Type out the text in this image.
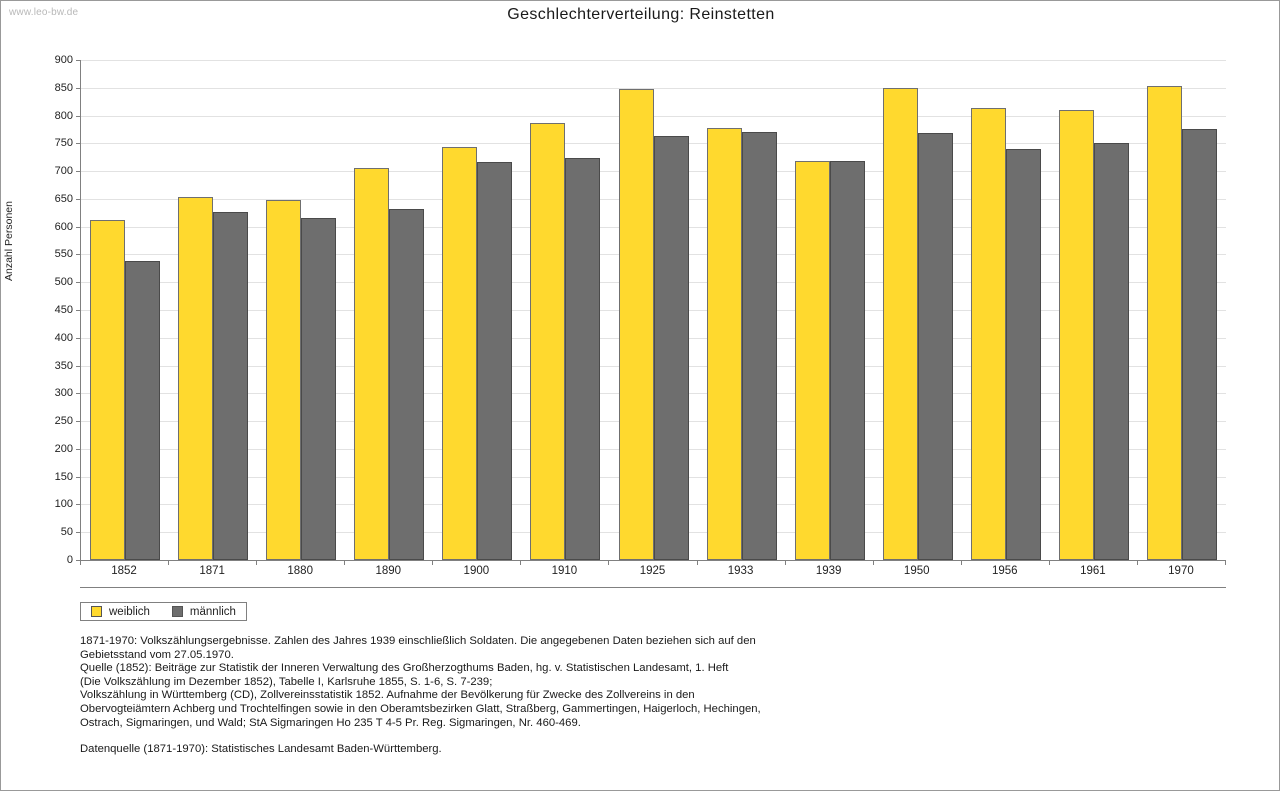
www.leo-bw.de	Geschlechterverteilung: Reinstetten
Anzahl Personen
0
50
100
150
200
250
300
350
400
450
500
550
600
650
700
750
800
850
900
1852	1871	1880	1890	1900	1910	1925	1933	1939	1950	1956	1961	1970
weiblich	männlich

1871-1970: Volkszählungsergebnisse. Zahlen des Jahres 1939 einschließlich Soldaten. Die angegebenen Daten beziehen sich auf den

Gebietsstand vom 27.05.1970.

Quelle (1852): Beiträge zur Statistik der Inneren Verwaltung des Großherzogthums Baden, hg. v. Statistischen Landesamt, 1. Heft

(Die Volkszählung im Dezember 1852), Tabelle I, Karlsruhe 1855, S. 1-6, S. 7-239;

Volkszählung in Württemberg (CD), Zollvereinsstatistik 1852. Aufnahme der Bevölkerung für Zwecke des Zollvereins in den

Obervogteiämtern Achberg und Trochtelfingen sowie in den Oberamtsbezirken Glatt, Straßberg, Gammertingen, Haigerloch, Hechingen,

Ostrach, Sigmaringen, und Wald; StA Sigmaringen Ho 235 T 4-5 Pr. Reg. Sigmaringen, Nr. 460-469.

Datenquelle (1871-1970): Statistisches Landesamt Baden-Württemberg.
